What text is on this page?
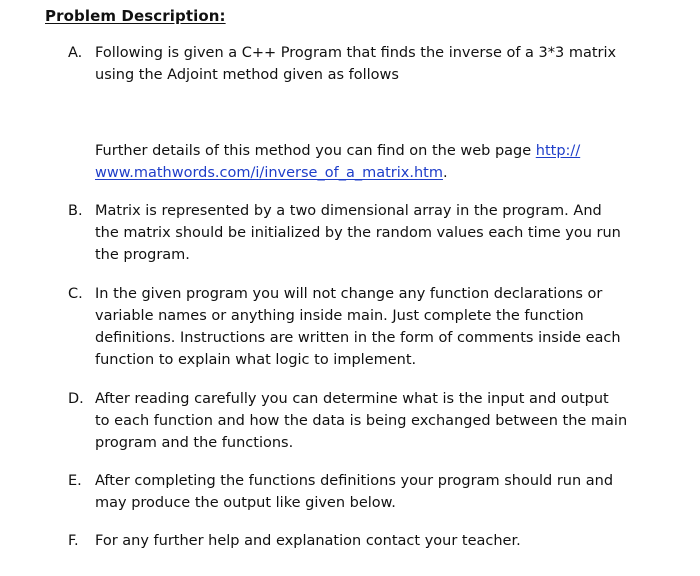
Problem Description:
A. Following is given a C++ Program that finds the inverse of a 3*3 matrix
using the Adjoint method given as follows
Further details of this method you can find on the web page http://
www.mathwords.com/i/inverse_of_a_matrix.htm.
B. Matrix is represented by a two dimensional array in the program. And
the matrix should be initialized by the random values each time you run
the program.
C. In the given program you will not change any function declarations or
variable names or anything inside main. Just complete the function
definitions. Instructions are written in the form of comments inside each
function to explain what logic to implement.
D. After reading carefully you can determine what is the input and output
to each function and how the data is being exchanged between the main
program and the functions.
E. After completing the functions definitions your program should run and
may produce the output like given below.
F. For any further help and explanation contact your teacher.
